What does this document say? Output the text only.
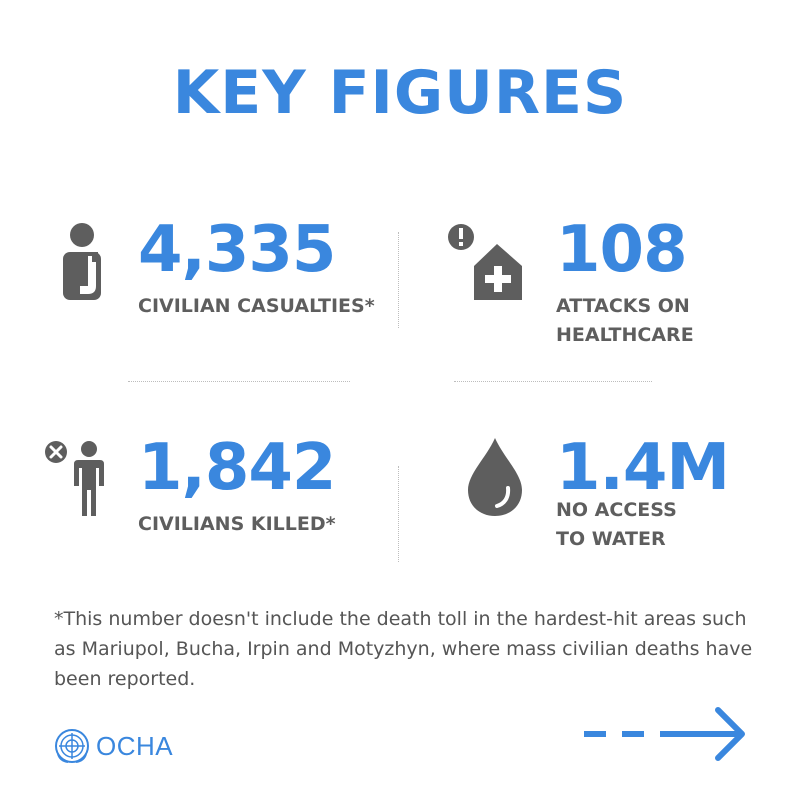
KEY FIGURES
4,335
CIVILIAN CASUALTIES*
108
ATTACKS ON
HEALTHCARE
1,842
CIVILIANS KILLED*
1.4M
NO ACCESS
TO WATER
*This number doesn't include the death toll in the hardest-hit areas such
as Mariupol, Bucha, Irpin and Motyzhyn, where mass civilian deaths have
been reported.
OCHA
